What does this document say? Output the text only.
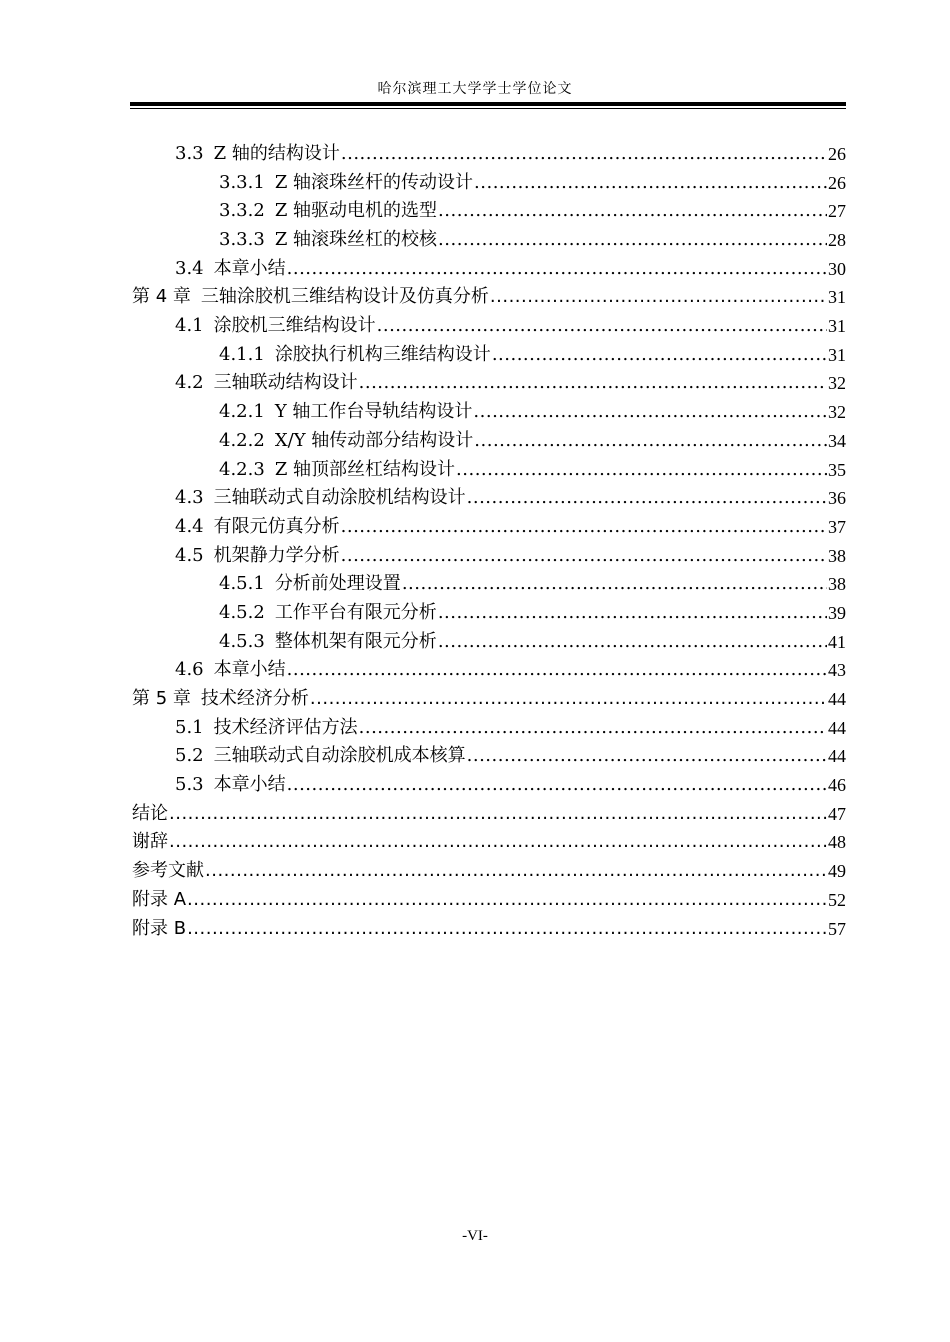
哈尔滨理工大学学士学位论文
3.3 Z 轴的结构设计 .....	26
3.3.1 Z 轴滚珠丝杆的传动设计 .....	26
3.3.2 Z 轴驱动电机的选型 .....	27
3.3.3 Z 轴滚珠丝杠的校核 .....	28
3.4 本章小结 .....	30
第 4 章 三轴涂胶机三维结构设计及仿真分析 .....	31
4.1 涂胶机三维结构设计 .....	31
4.1.1 涂胶执行机构三维结构设计 .....	31
4.2 三轴联动结构设计 .....	32
4.2.1 Y 轴工作台导轨结构设计 .....	32
4.2.2 X/Y 轴传动部分结构设计 .....	34
4.2.3 Z 轴顶部丝杠结构设计 .....	35
4.3 三轴联动式自动涂胶机结构设计 .....	36
4.4 有限元仿真分析 .....	37
4.5 机架静力学分析 .....	38
4.5.1 分析前处理设置 .....	38
4.5.2 工作平台有限元分析 .....	39
4.5.3 整体机架有限元分析 .....	41
4.6 本章小结 .....	43
第 5 章 技术经济分析 .....	44
5.1 技术经济评估方法 .....	44
5.2 三轴联动式自动涂胶机成本核算 .....	44
5.3 本章小结 .....	46
结论 .....	47
谢辞 .....	48
参考文献 .....	49
附录 A .....	52
附录 B .....	57
-VI-
